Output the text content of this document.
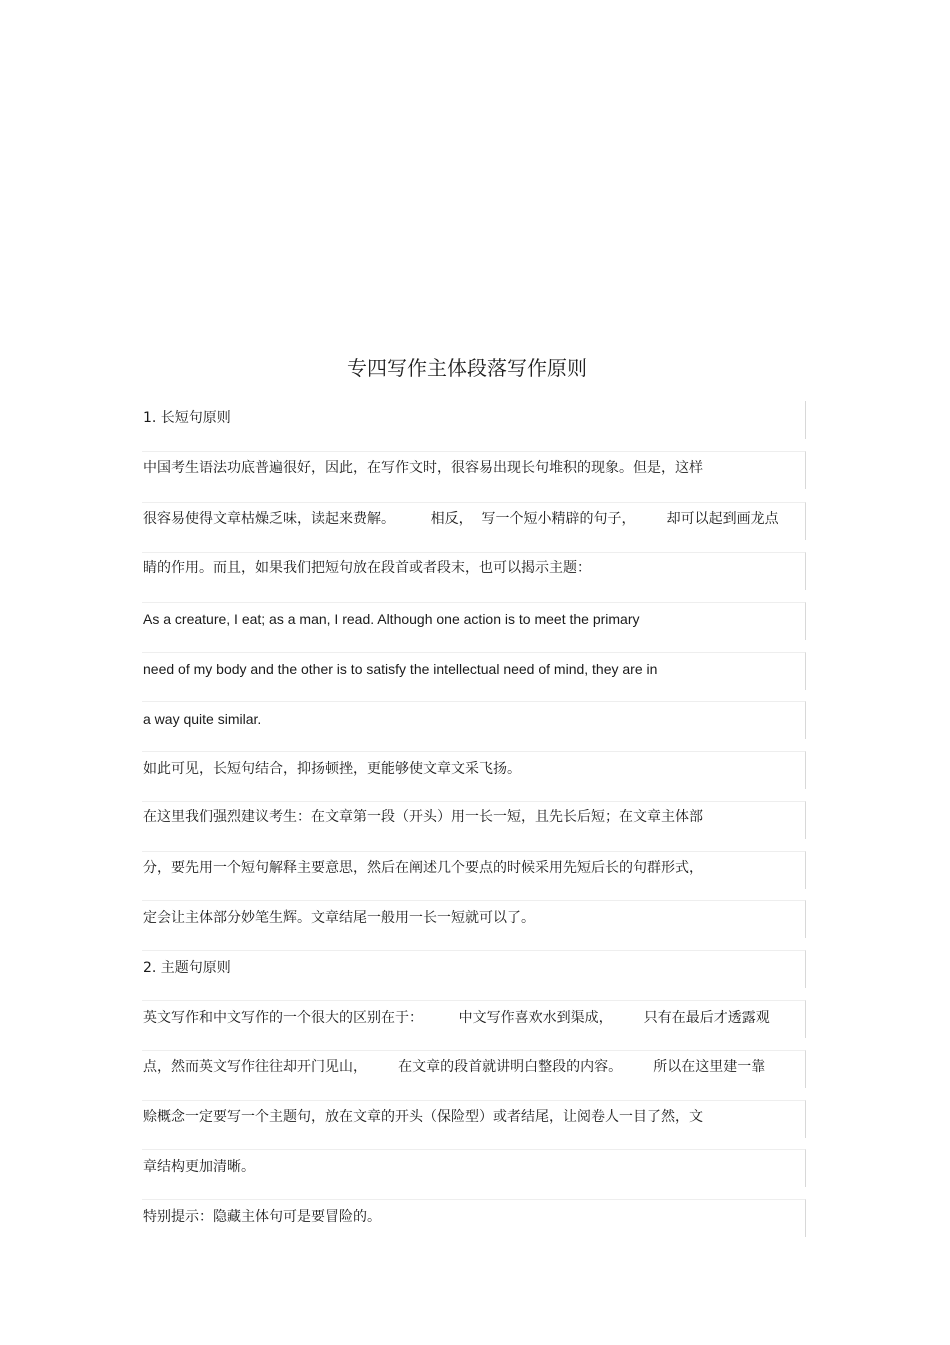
专四写作主体段落写作原则
1. 长短句原则
中国考生语法功底普遍很好，因此，在写作文时，很容易出现长句堆积的现象。但是，这样
很容易使得文章枯燥乏味，读起来费解。        相反，  写一个短小精辟的句子，       却可以起到画龙点
睛的作用。而且，如果我们把短句放在段首或者段末，也可以揭示主题：
As a creature, I eat; as a man, I read. Although one action is to meet the primary
need of my body and the other is to satisfy the intellectual need of mind, they are in
a way quite similar.
如此可见，长短句结合，抑扬顿挫，更能够使文章文采飞扬。
在这里我们强烈建议考生：在文章第一段（开头）用一长一短，且先长后短；在文章主体部
分，要先用一个短句解释主要意思，然后在阐述几个要点的时候采用先短后长的句群形式，
定会让主体部分妙笔生辉。文章结尾一般用一长一短就可以了。
2. 主题句原则
英文写作和中文写作的一个很大的区别在于：        中文写作喜欢水到渠成，       只有在最后才透露观
点，然而英文写作往往却开门见山，       在文章的段首就讲明白整段的内容。       所以在这里建一靠
赊概念一定要写一个主题句，放在文章的开头（保险型）或者结尾，让阅卷人一目了然，文
章结构更加清晰。
特别提示：隐藏主体句可是要冒险的。
